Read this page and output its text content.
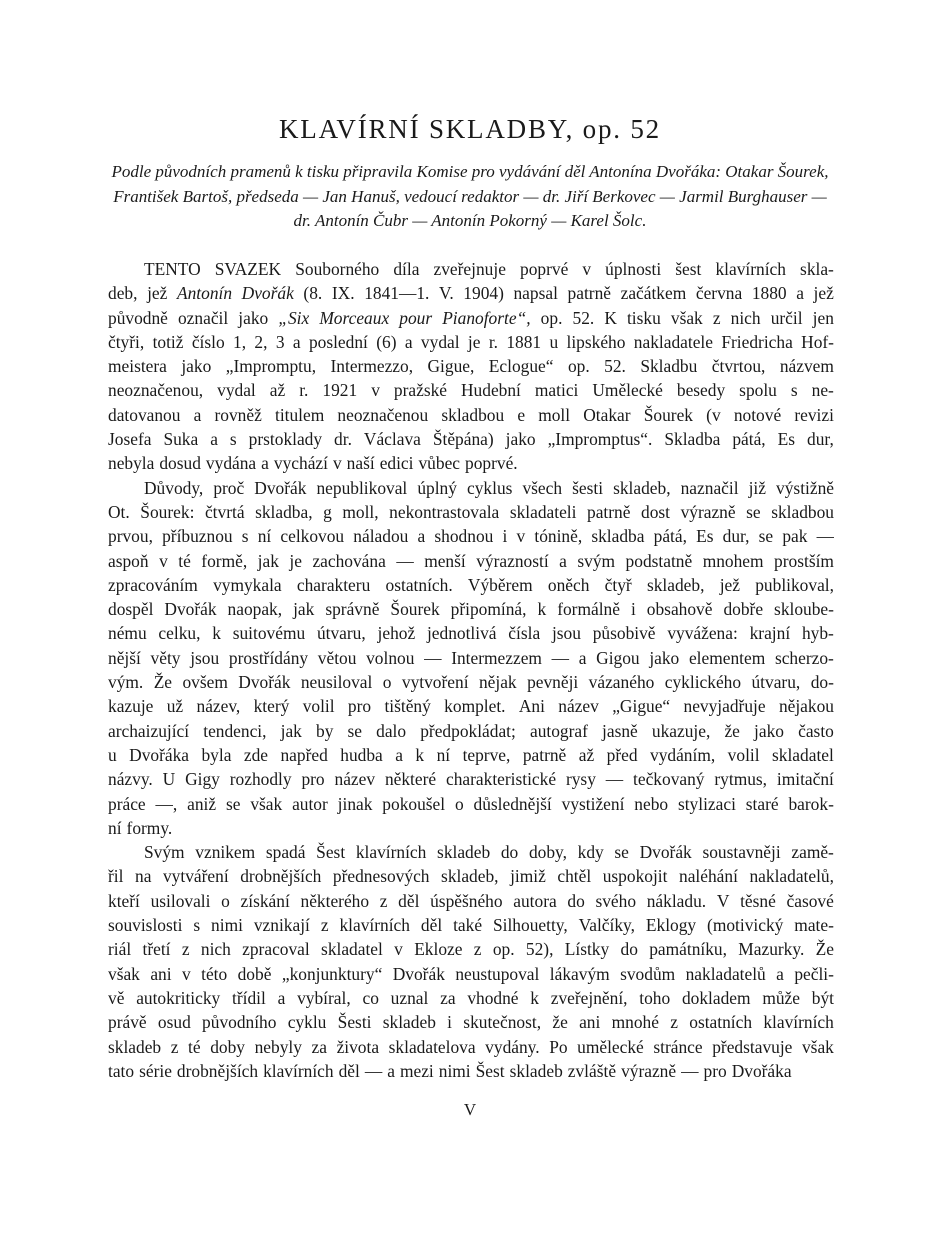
KLAVÍRNÍ SKLADBY, op. 52
Podle původních pramenů k tisku připravila Komise pro vydávání děl Antonína Dvořáka: Otakar Šourek,
František Bartoš, předseda — Jan Hanuš, vedoucí redaktor — dr. Jiří Berkovec — Jarmil Burghauser —
dr. Antonín Čubr — Antonín Pokorný — Karel Šolc.
TENTO SVAZEK Souborného díla zveřejnuje poprvé v úplnosti šest klavírních skla-
deb, jež Antonín Dvořák (8. IX. 1841—1. V. 1904) napsal patrně začátkem června 1880 a jež
původně označil jako „Six Morceaux pour Pianoforte“, op. 52. K tisku však z nich určil jen
čtyři, totiž číslo 1, 2, 3 a poslední (6) a vydal je r. 1881 u lipského nakladatele Friedricha Hof-
meistera jako „Impromptu, Intermezzo, Gigue, Eclogue“ op. 52. Skladbu čtvrtou, názvem
neoznačenou, vydal až r. 1921 v pražské Hudební matici Umělecké besedy spolu s ne-
datovanou a rovněž titulem neoznačenou skladbou e moll Otakar Šourek (v notové revizi
Josefa Suka a s prstoklady dr. Václava Štěpána) jako „Impromptus“. Skladba pátá, Es dur,
nebyla dosud vydána a vychází v naší edici vůbec poprvé.
Důvody, proč Dvořák nepublikoval úplný cyklus všech šesti skladeb, naznačil již výstižně
Ot. Šourek: čtvrtá skladba, g moll, nekontrastovala skladateli patrně dost výrazně se skladbou
prvou, příbuznou s ní celkovou náladou a shodnou i v tónině, skladba pátá, Es dur, se pak —
aspoň v té formě, jak je zachována — menší výrazností a svým podstatně mnohem prostším
zpracováním vymykala charakteru ostatních. Výběrem oněch čtyř skladeb, jež publikoval,
dospěl Dvořák naopak, jak správně Šourek připomíná, k formálně i obsahově dobře skloube-
nému celku, k suitovému útvaru, jehož jednotlivá čísla jsou působivě vyvážena: krajní hyb-
nější věty jsou prostřídány větou volnou — Intermezzem — a Gigou jako elementem scherzo-
vým. Že ovšem Dvořák neusiloval o vytvoření nějak pevněji vázaného cyklického útvaru, do-
kazuje už název, který volil pro tištěný komplet. Ani název „Gigue“ nevyjadřuje nějakou
archaizující tendenci, jak by se dalo předpokládat; autograf jasně ukazuje, že jako často
u Dvořáka byla zde napřed hudba a k ní teprve, patrně až před vydáním, volil skladatel
názvy. U Gigy rozhodly pro název některé charakteristické rysy — tečkovaný rytmus, imitační
práce —, aniž se však autor jinak pokoušel o důslednější vystižení nebo stylizaci staré barok-
ní formy.
Svým vznikem spadá Šest klavírních skladeb do doby, kdy se Dvořák soustavněji zamě-
řil na vytváření drobnějších přednesových skladeb, jimiž chtěl uspokojit naléhání nakladatelů,
kteří usilovali o získání některého z děl úspěšného autora do svého nákladu. V těsné časové
souvislosti s nimi vznikají z klavírních děl také Silhouetty, Valčíky, Eklogy (motivický mate-
riál třetí z nich zpracoval skladatel v Ekloze z op. 52), Lístky do památníku, Mazurky. Že
však ani v této době „konjunktury“ Dvořák neustupoval lákavým svodům nakladatelů a pečli-
vě autokriticky třídil a vybíral, co uznal za vhodné k zveřejnění, toho dokladem může být
právě osud původního cyklu Šesti skladeb i skutečnost, že ani mnohé z ostatních klavírních
skladeb z té doby nebyly za života skladatelova vydány. Po umělecké stránce představuje však
tato série drobnějších klavírních děl — a mezi nimi Šest skladeb zvláště výrazně — pro Dvořáka
V
